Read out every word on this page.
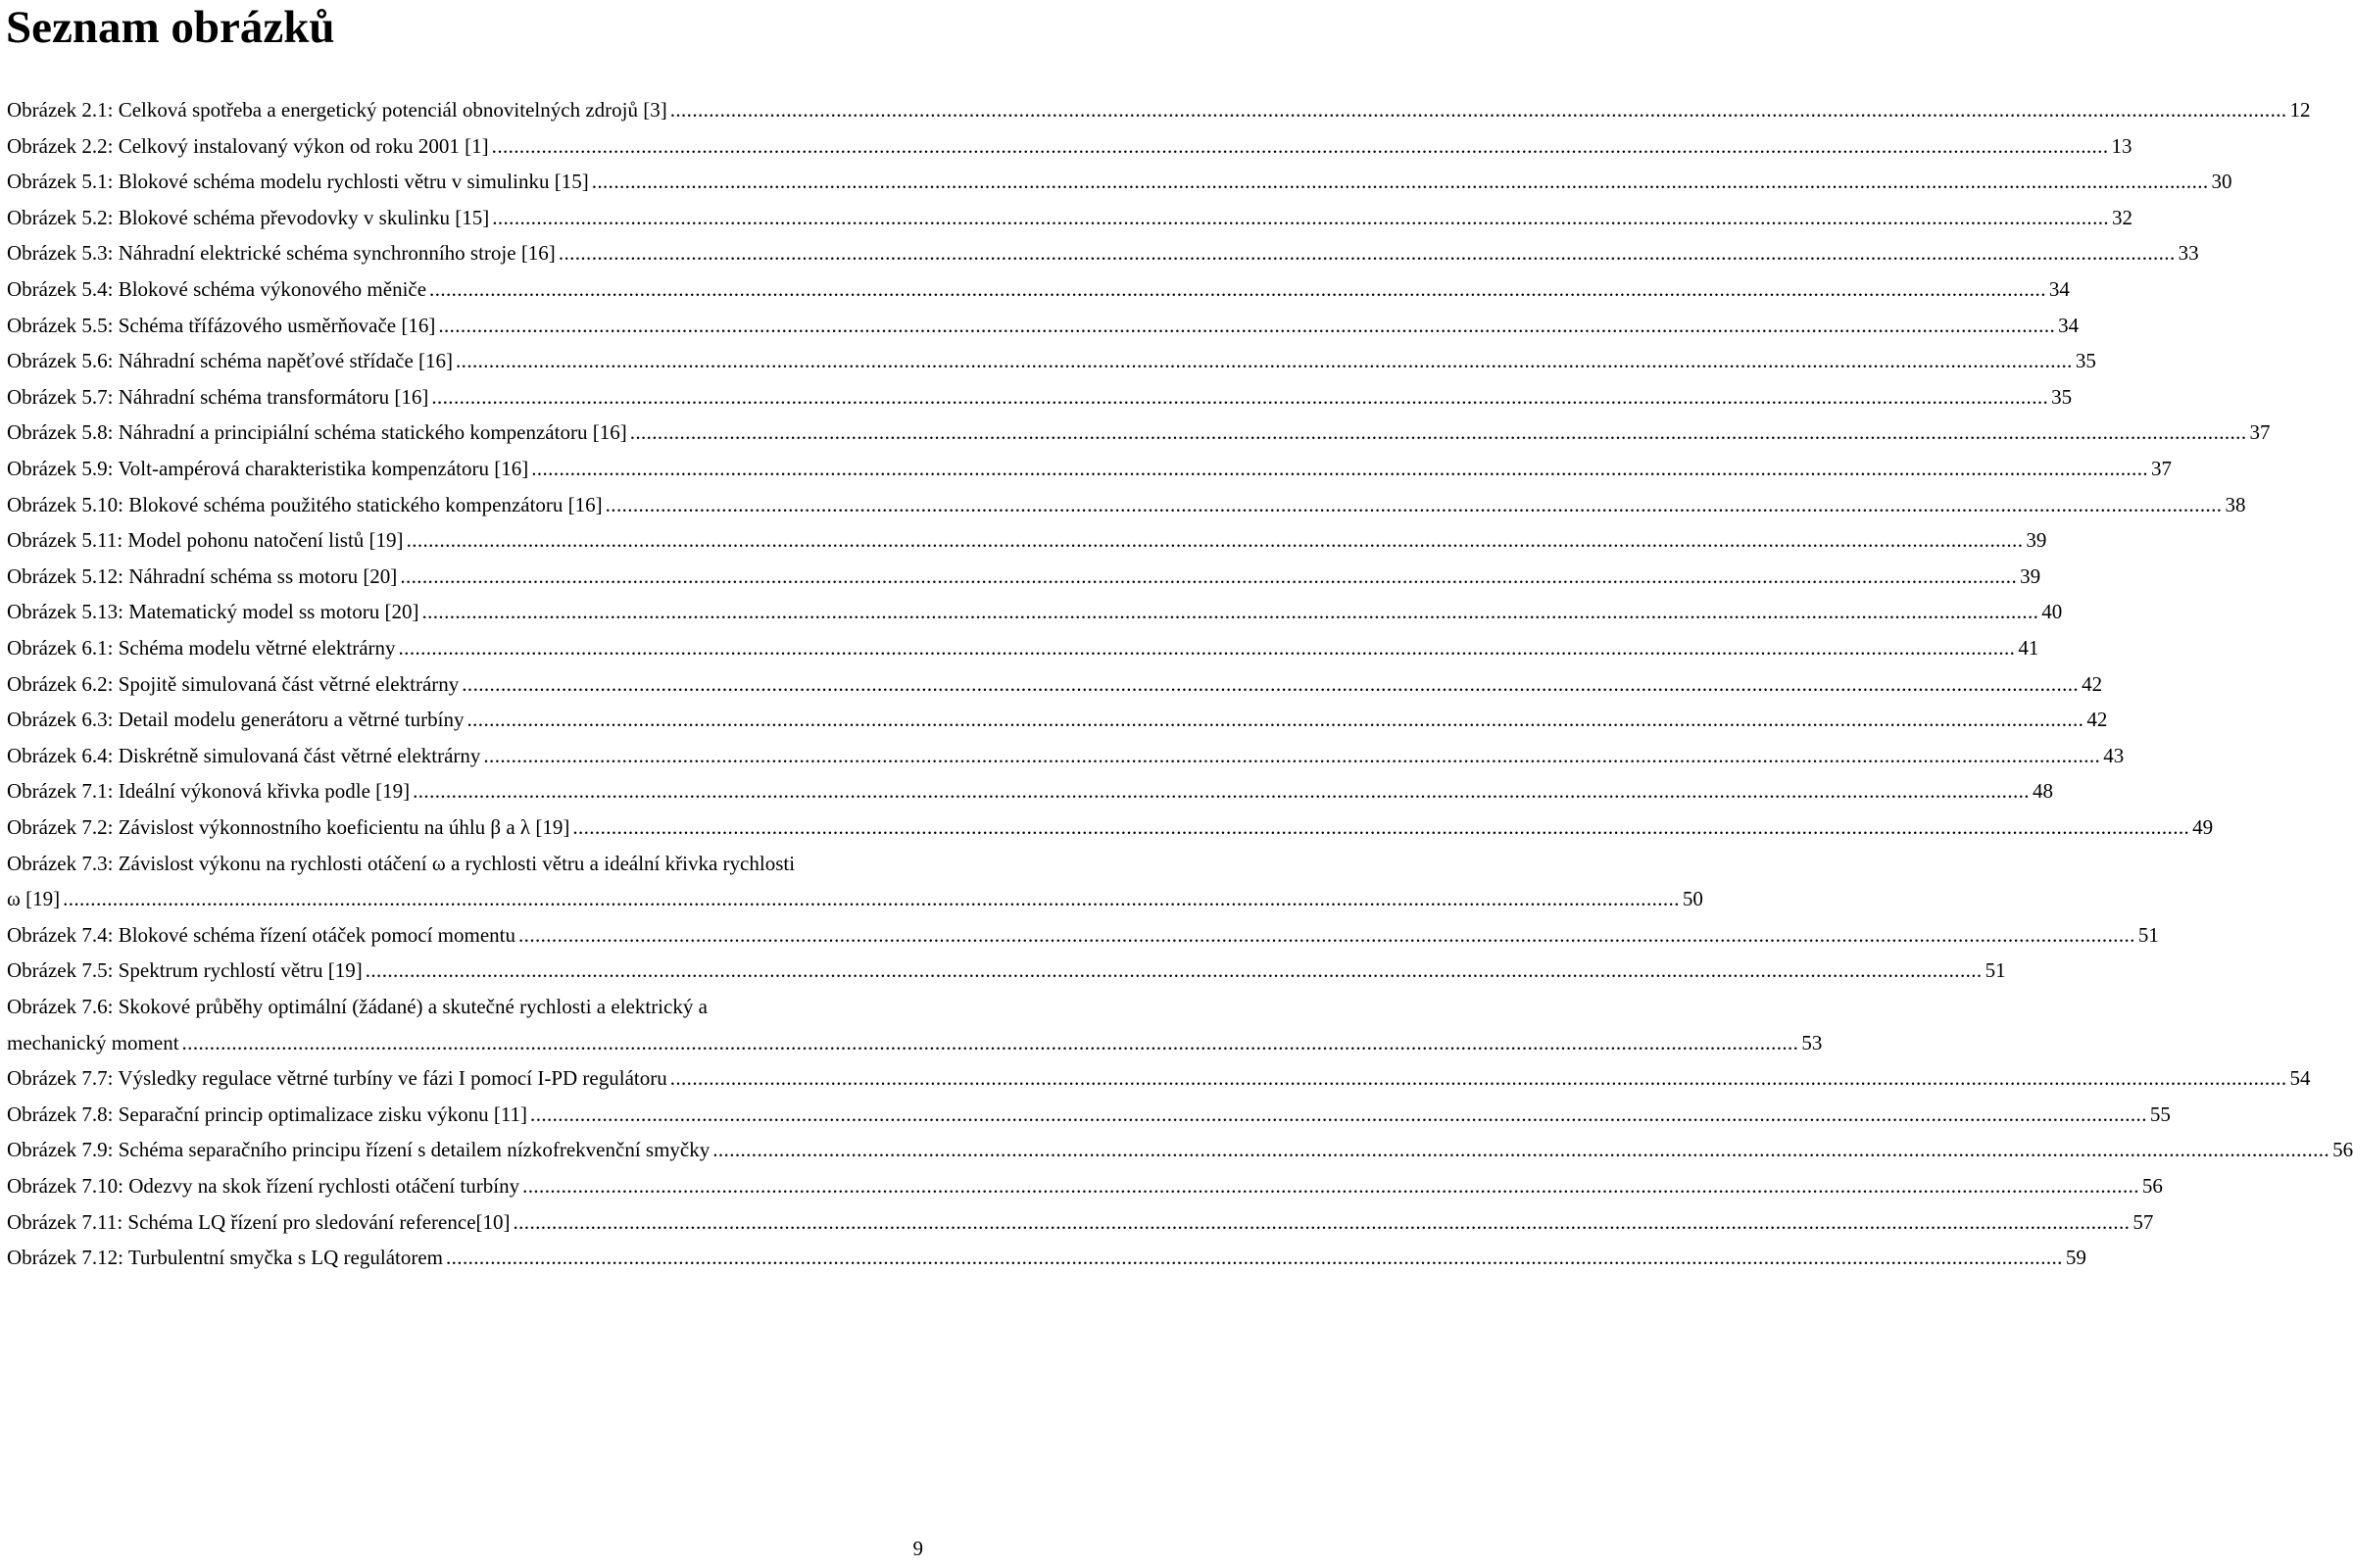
Seznam obrázků
Obrázek 2.1: Celková spotřeba a energetický potenciál obnovitelných zdrojů [3] .....	12
Obrázek 2.2: Celkový instalovaný výkon od roku 2001 [1] .....	13
Obrázek 5.1: Blokové schéma modelu rychlosti větru v simulinku [15] .....	30
Obrázek 5.2: Blokové schéma převodovky v skulinku [15] .....	32
Obrázek 5.3: Náhradní elektrické schéma synchronního stroje [16] .....	33
Obrázek 5.4: Blokové schéma výkonového měniče .....	34
Obrázek 5.5: Schéma třífázového usměrňovače [16] .....	34
Obrázek 5.6: Náhradní schéma napěťové střídače [16] .....	35
Obrázek 5.7: Náhradní schéma transformátoru [16] .....	35
Obrázek 5.8: Náhradní a principiální schéma statického kompenzátoru [16] .....	37
Obrázek 5.9: Volt-ampérová charakteristika kompenzátoru [16] .....	37
Obrázek 5.10: Blokové schéma použitého statického kompenzátoru [16] .....	38
Obrázek 5.11: Model pohonu natočení listů [19] .....	39
Obrázek 5.12: Náhradní schéma ss motoru [20] .....	39
Obrázek 5.13: Matematický model ss motoru [20] .....	40
Obrázek 6.1: Schéma modelu větrné elektrárny .....	41
Obrázek 6.2: Spojitě simulovaná část větrné elektrárny .....	42
Obrázek 6.3: Detail modelu generátoru a větrné turbíny .....	42
Obrázek 6.4: Diskrétně simulovaná část větrné elektrárny .....	43
Obrázek 7.1: Ideální výkonová křivka podle [19] .....	48
Obrázek 7.2: Závislost výkonnostního koeficientu na úhlu β a λ [19] .....	49
Obrázek 7.3: Závislost výkonu na rychlosti otáčení ω a rychlosti větru a ideální křivka rychlosti
ω [19] .....	50
Obrázek 7.4: Blokové schéma řízení otáček pomocí momentu .....	51
Obrázek 7.5: Spektrum rychlostí větru [19] .....	51
Obrázek 7.6: Skokové průběhy optimální (žádané) a skutečné rychlosti a elektrický a
mechanický moment .....	53
Obrázek 7.7: Výsledky regulace větrné turbíny ve fázi I pomocí I-PD regulátoru .....	54
Obrázek 7.8: Separační princip optimalizace zisku výkonu [11] .....	55
Obrázek 7.9: Schéma separačního principu řízení s detailem nízkofrekvenční smyčky .....	56
Obrázek 7.10: Odezvy na skok řízení rychlosti otáčení turbíny .....	56
Obrázek 7.11: Schéma LQ řízení pro sledování reference[10] .....	57
Obrázek 7.12: Turbulentní smyčka s LQ regulátorem .....	59
9
